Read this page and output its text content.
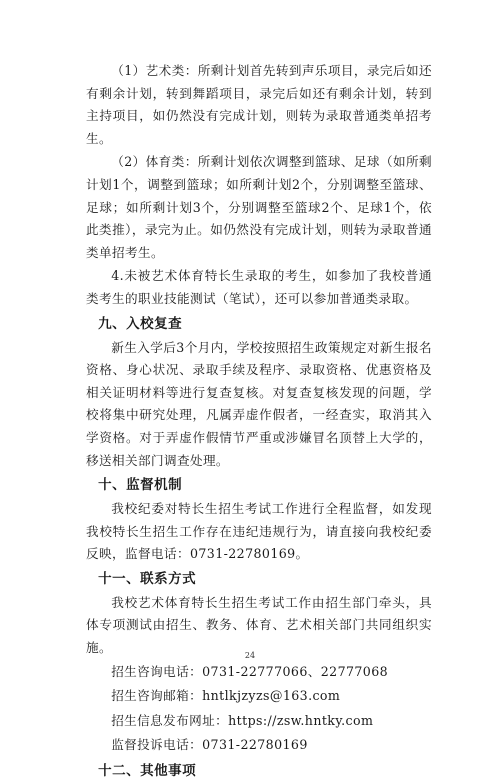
（1）艺术类：所剩计划首先转到声乐项目，录完后如还有剩余计划，转到舞蹈项目，录完后如还有剩余计划，转到主持项目，如仍然没有完成计划，则转为录取普通类单招考生。

（2）体育类：所剩计划依次调整到篮球、足球（如所剩计划1个，调整到篮球；如所剩计划2个，分别调整至篮球、足球；如所剩计划3个，分别调整至篮球2个、足球1个，依此类推），录完为止。如仍然没有完成计划，则转为录取普通类单招考生。

4.未被艺术体育特长生录取的考生，如参加了我校普通类考生的职业技能测试（笔试），还可以参加普通类录取。

九、入校复查

新生入学后3个月内，学校按照招生政策规定对新生报名资格、身心状况、录取手续及程序、录取资格、优惠资格及相关证明材料等进行复查复核。对复查复核发现的问题，学校将集中研究处理，凡属弄虚作假者，一经查实，取消其入学资格。对于弄虚作假情节严重或涉嫌冒名顶替上大学的，移送相关部门调查处理。

十、监督机制

我校纪委对特长生招生考试工作进行全程监督，如发现我校特长生招生工作存在违纪违规行为，请直接向我校纪委反映，监督电话：0731-22780169。

十一、联系方式

我校艺术体育特长生招生考试工作由招生部门牵头，具体专项测试由招生、教务、体育、艺术相关部门共同组织实施。

招生咨询电话：0731-22777066、22777068

招生咨询邮箱：hntlkjzyzs@163.com

招生信息发布网址：https://zsw.hntky.com

监督投诉电话：0731-22780169

十二、其他事项
24
